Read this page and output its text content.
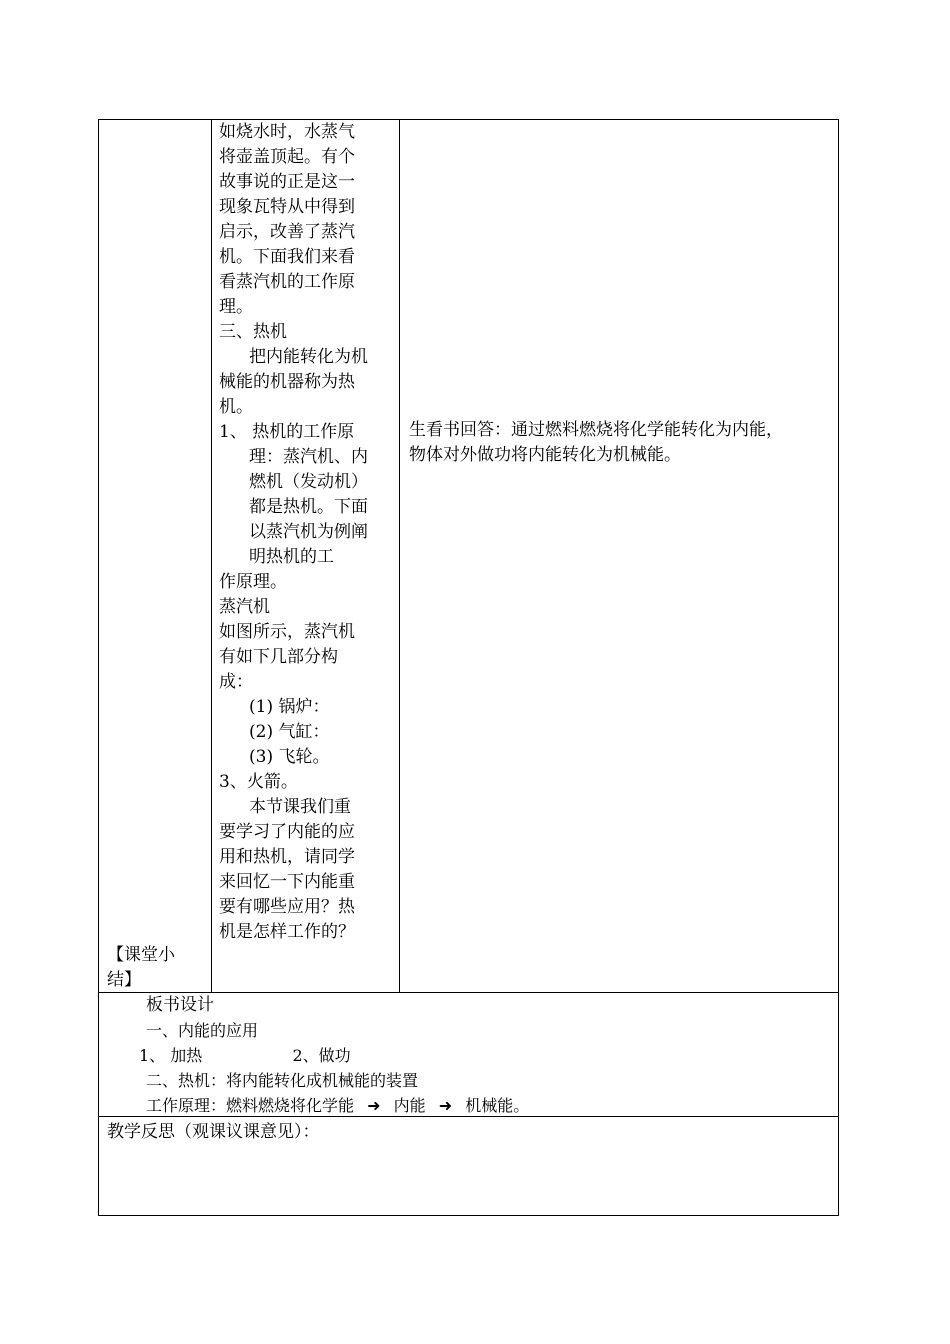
【课堂小
结】
如烧水时，水蒸气
将壶盖顶起。有个
故事说的正是这一
现象瓦特从中得到
启示，改善了蒸汽
机。下面我们来看
看蒸汽机的工作原
理。
三、热机
把内能转化为机
械能的机器称为热
机。
1、 热机的工作原
理：蒸汽机、内
燃机（发动机）
都是热机。下面
以蒸汽机为例阐
明热机的工
作原理。
蒸汽机
如图所示，蒸汽机
有如下几部分构
成：
(1) 锅炉：
(2) 气缸：
(3) 飞轮。
3、火箭。
本节课我们重
要学习了内能的应
用和热机，请同学
来回忆一下内能重
要有哪些应用？热
机是怎样工作的？
生看书回答：通过燃料燃烧将化学能转化为内能，
物体对外做功将内能转化为机械能。
板书设计
一、内能的应用
1、 加热	2、做功
二、热机：将内能转化成机械能的装置
工作原理：燃料燃烧将化学能 ➜ 内能 ➜ 机械能。
教学反思（观课议课意见）：
